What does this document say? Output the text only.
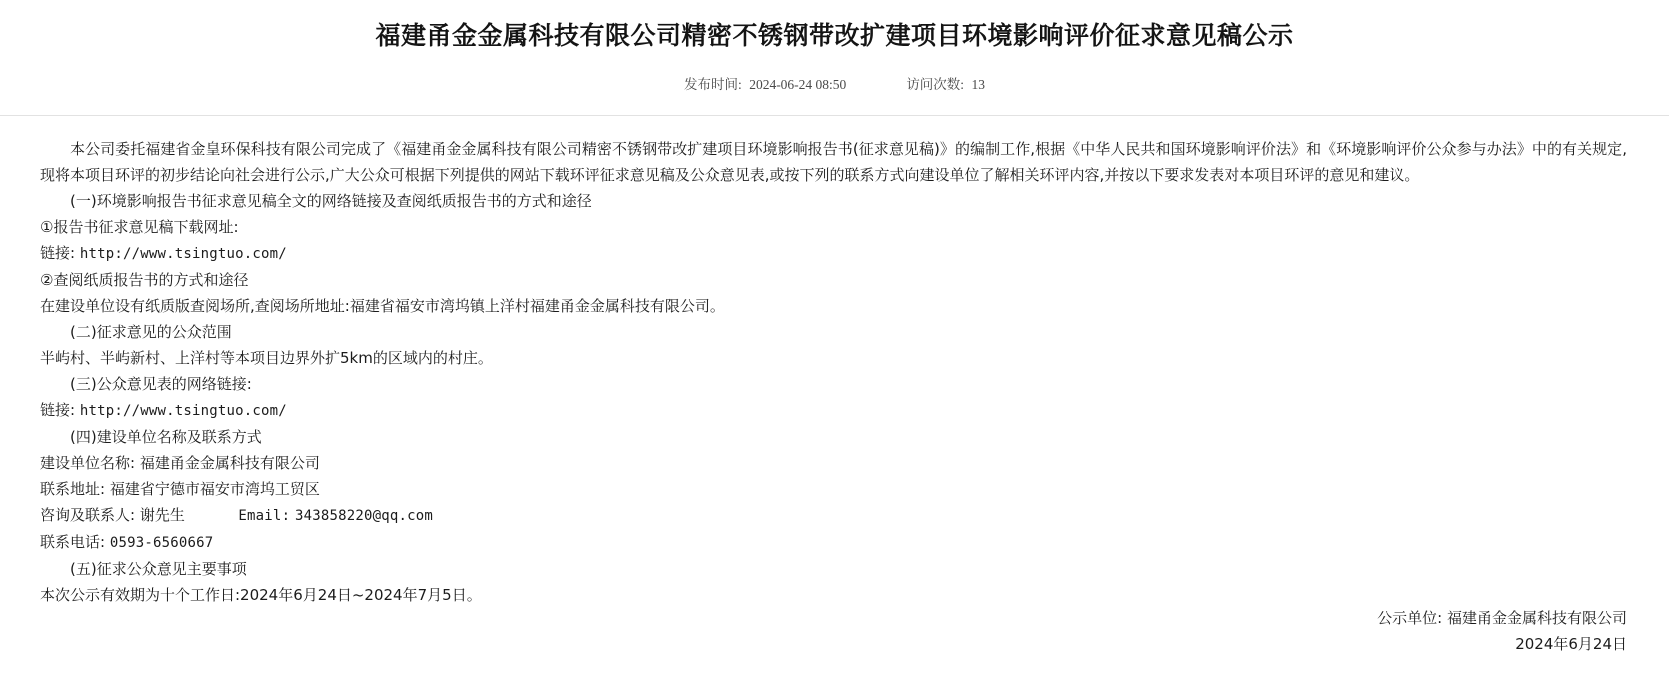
福建甬金金属科技有限公司精密不锈钢带改扩建项目环境影响评价征求意见稿公示
发布时间: 2024-06-24 08:50	访问次数: 13

本公司委托福建省金皇环保科技有限公司完成了《福建甬金金属科技有限公司精密不锈钢带改扩建项目环境影响报告书(征求意见稿)》的编制工作,根据《中华人民共和国环境影响评价法》和《环境影响评价公众参与办法》中的有关规定,现将本项目环评的初步结论向社会进行公示,广大公众可根据下列提供的网站下载环评征求意见稿及公众意见表,或按下列的联系方式向建设单位了解相关环评内容,并按以下要求发表对本项目环评的意见和建议。

(一)环境影响报告书征求意见稿全文的网络链接及查阅纸质报告书的方式和途径

①报告书征求意见稿下载网址:

链接: http://www.tsingtuo.com/

②查阅纸质报告书的方式和途径

在建设单位设有纸质版查阅场所,查阅场所地址:福建省福安市湾坞镇上洋村福建甬金金属科技有限公司。

(二)征求意见的公众范围

半屿村、半屿新村、上洋村等本项目边界外扩5km的区域内的村庄。

(三)公众意见表的网络链接:

链接: http://www.tsingtuo.com/

(四)建设单位名称及联系方式

建设单位名称: 福建甬金金属科技有限公司

联系地址: 福建省宁德市福安市湾坞工贸区

咨询及联系人: 谢先生	Email: 343858220@qq.com

联系电话: 0593-6560667

(五)征求公众意见主要事项

本次公示有效期为十个工作日:2024年6月24日~2024年7月5日。

公示单位: 福建甬金金属科技有限公司
2024年6月24日
